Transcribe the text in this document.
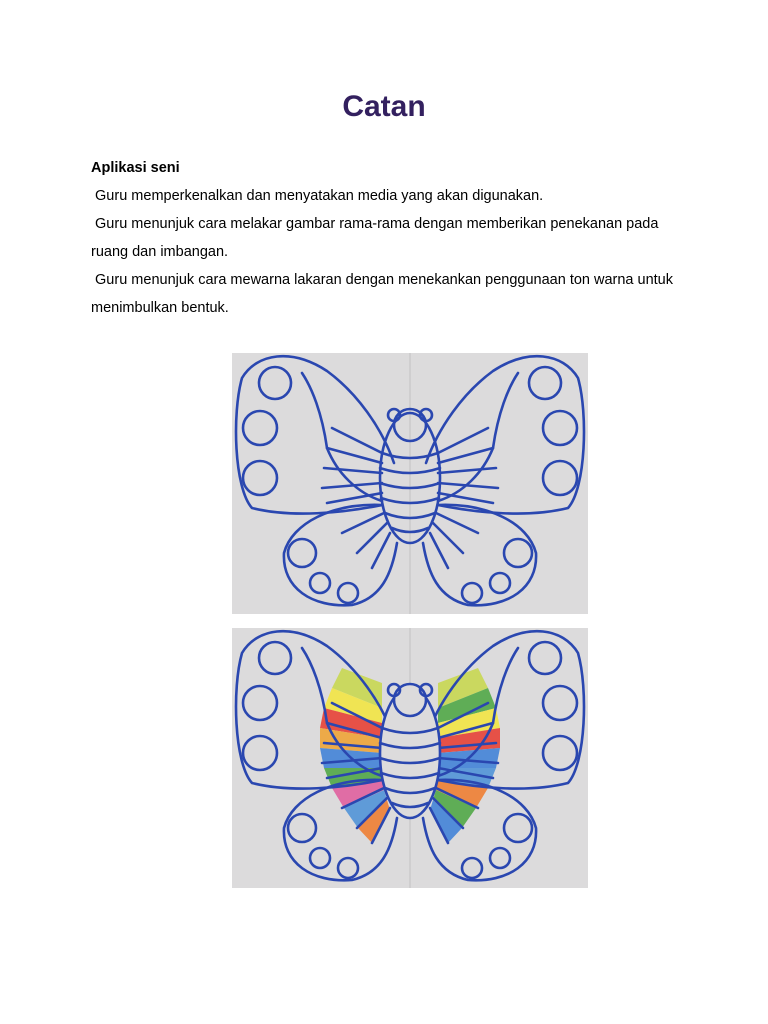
Catan
Aplikasi seni
Guru memperkenalkan dan menyatakan media yang akan digunakan.
Guru menunjuk cara melakar gambar rama-rama dengan memberikan penekanan pada ruang dan imbangan.
Guru menunjuk cara mewarna lakaran dengan menekankan penggunaan ton warna untuk    menimbulkan bentuk.
